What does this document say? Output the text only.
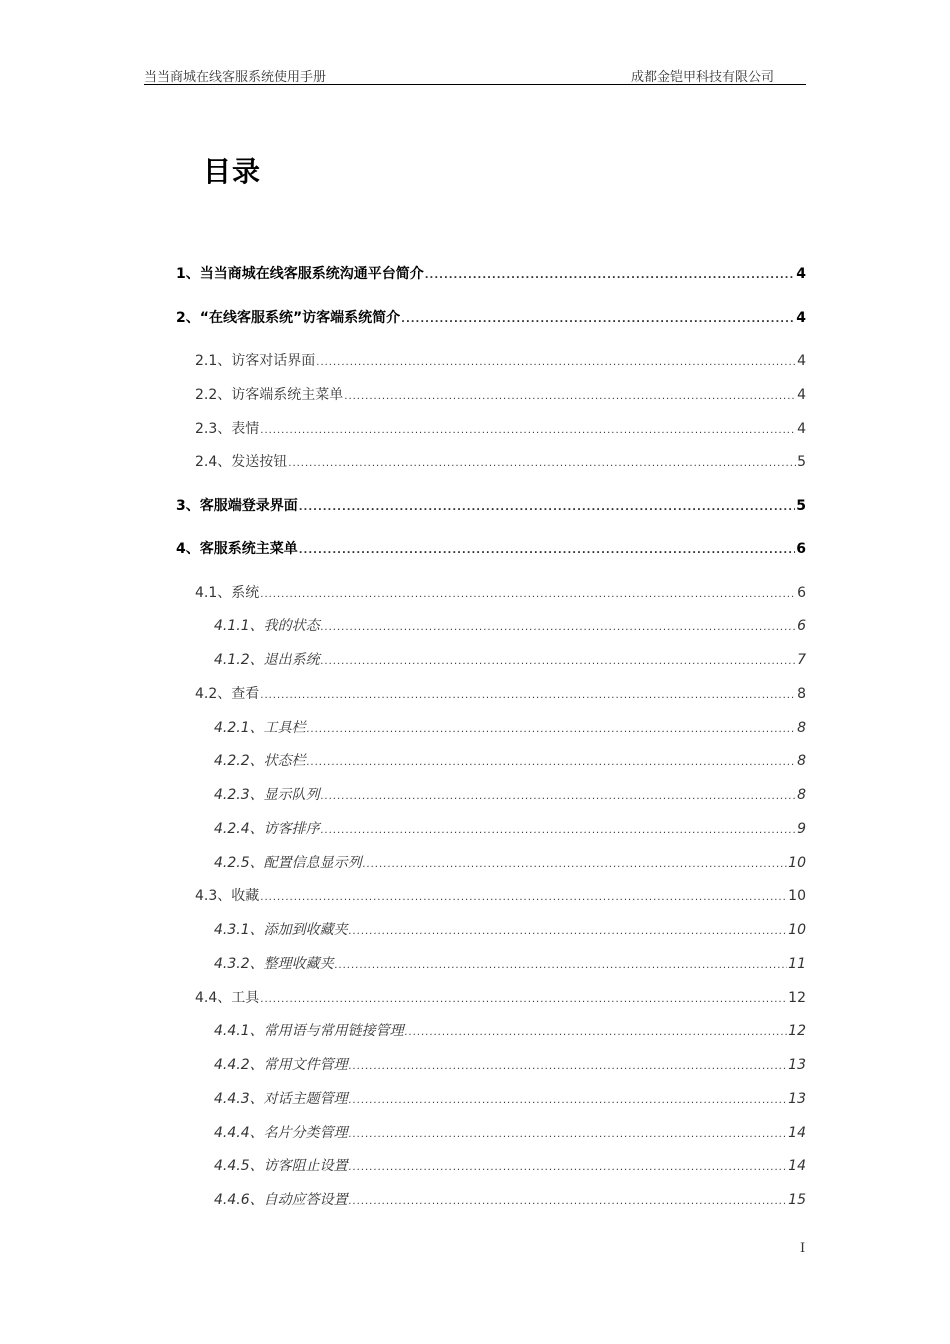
当当商城在线客服系统使用手册	成都金铠甲科技有限公司
目录
1、当当商城在线客服系统沟通平台简介 .....	4
2、“在线客服系统”访客端系统简介 .....	4
2.1、访客对话界面 .....	4
2.2、访客端系统主菜单 .....	4
2.3、表情 .....	4
2.4、发送按钮 .....	5
3、客服端登录界面 .....	5
4、客服系统主菜单 .....	6
4.1、系统 .....	6
4.1.1、我的状态 .....	6
4.1.2、退出系统 .....	7
4.2、查看 .....	8
4.2.1、工具栏 .....	8
4.2.2、状态栏 .....	8
4.2.3、显示队列 .....	8
4.2.4、访客排序 .....	9
4.2.5、配置信息显示列 .....	10
4.3、收藏 .....	10
4.3.1、添加到收藏夹 .....	10
4.3.2、整理收藏夹 .....	11
4.4、工具 .....	12
4.4.1、常用语与常用链接管理 .....	12
4.4.2、常用文件管理 .....	13
4.4.3、对话主题管理 .....	13
4.4.4、名片分类管理 .....	14
4.4.5、访客阻止设置 .....	14
4.4.6、自动应答设置 .....	15
I
